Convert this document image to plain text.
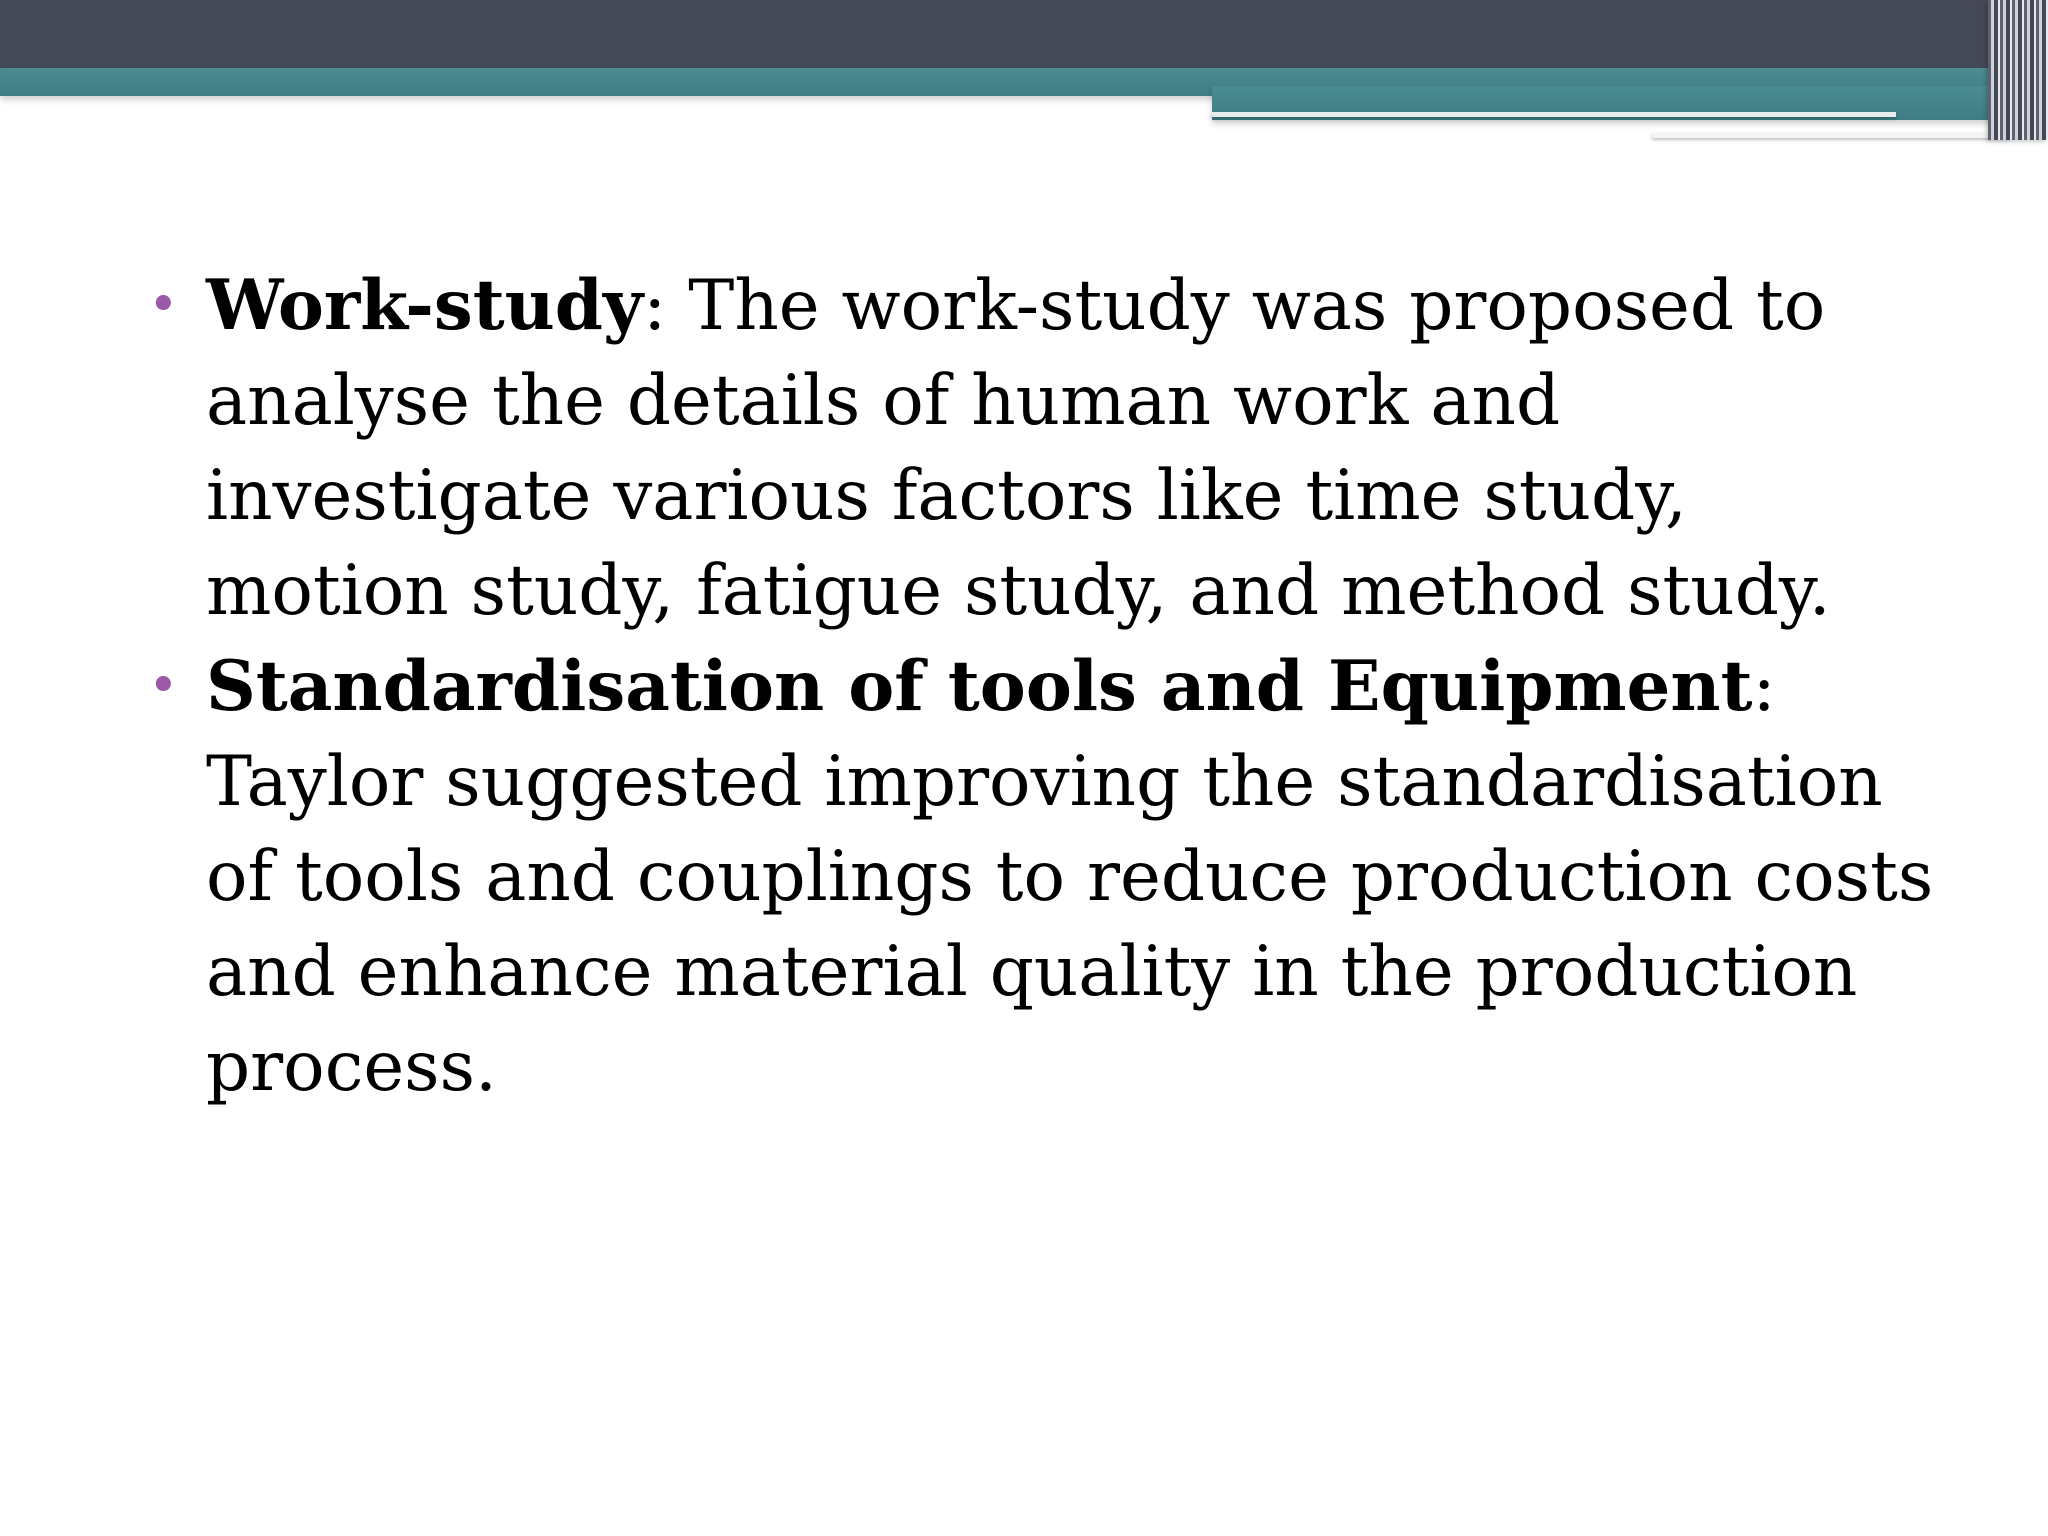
• Work-study: The work-study was proposed to analyse the details of human work and investigate various factors like time study, motion study, fatigue study, and method study.
• Standardisation of tools and Equipment: Taylor suggested improving the standardisation of tools and couplings to reduce production costs and enhance material quality in the production process.
